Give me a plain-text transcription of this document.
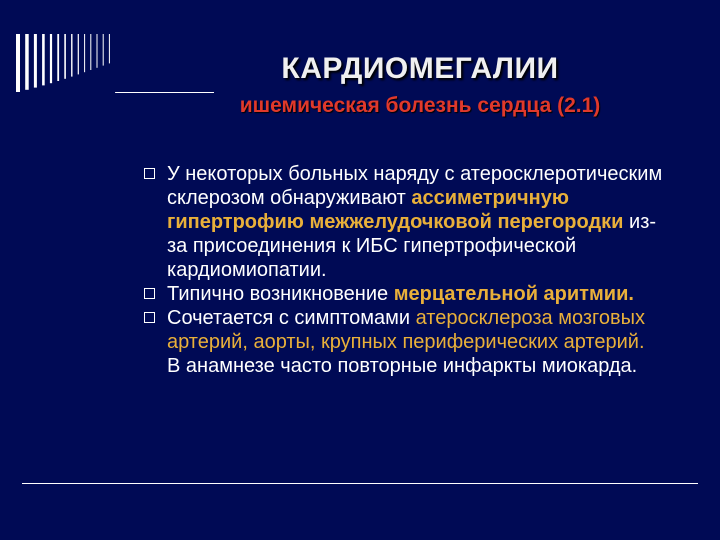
КАРДИОМЕГАЛИИ
ишемическая болезнь сердца (2.1)
У некоторых больных наряду с атеросклеротическим склерозом обнаруживают ассиметричную гипертрофию межжелудочковой перегородки из-за присоединения к ИБС гипертрофической кардиомиопатии.
Типично возникновение мерцательной аритмии.
Сочетается с симптомами атеросклероза мозговых артерий, аорты, крупных периферических артерий. В анамнезе часто повторные инфаркты миокарда.
